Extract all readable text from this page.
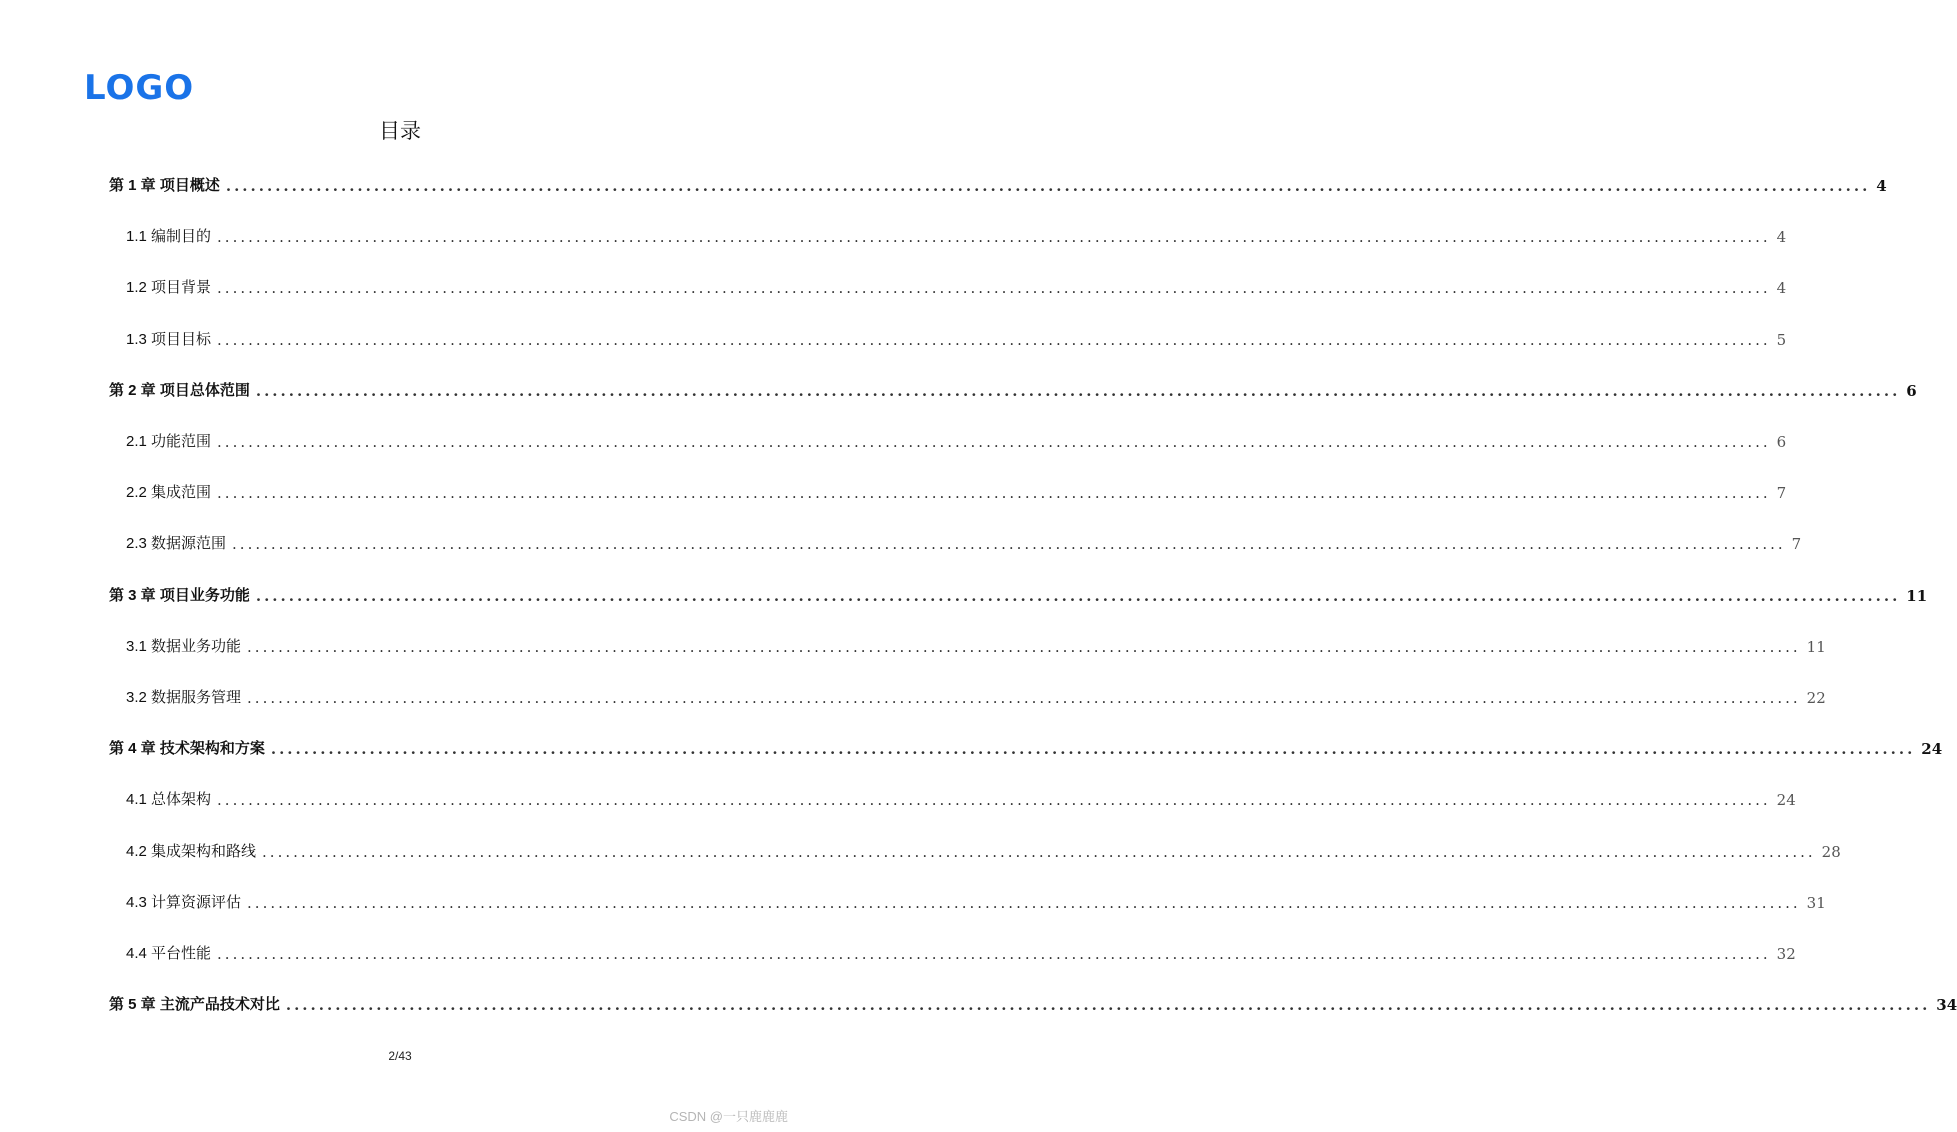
LOGO
目录
第 1 章 项目概述 ........................................................................................................................................................................................................ 4
1.1 编制目的 ........................................................................................................................................................................................................ 4
1.2 项目背景 ........................................................................................................................................................................................................ 4
1.3 项目目标 ........................................................................................................................................................................................................ 5
第 2 章 项目总体范围 ........................................................................................................................................................................................................ 6
2.1 功能范围 ........................................................................................................................................................................................................ 6
2.2 集成范围 ........................................................................................................................................................................................................ 7
2.3 数据源范围 ........................................................................................................................................................................................................ 7
第 3 章 项目业务功能 ........................................................................................................................................................................................................ 11
3.1 数据业务功能 ........................................................................................................................................................................................................ 11
3.2 数据服务管理 ........................................................................................................................................................................................................ 22
第 4 章 技术架构和方案 ........................................................................................................................................................................................................ 24
4.1 总体架构 ........................................................................................................................................................................................................ 24
4.2 集成架构和路线 ........................................................................................................................................................................................................ 28
4.3 计算资源评估 ........................................................................................................................................................................................................ 31
4.4 平台性能 ........................................................................................................................................................................................................ 32
第 5 章 主流产品技术对比 ........................................................................................................................................................................................................ 34
2/43
CSDN @一只鹿鹿鹿
